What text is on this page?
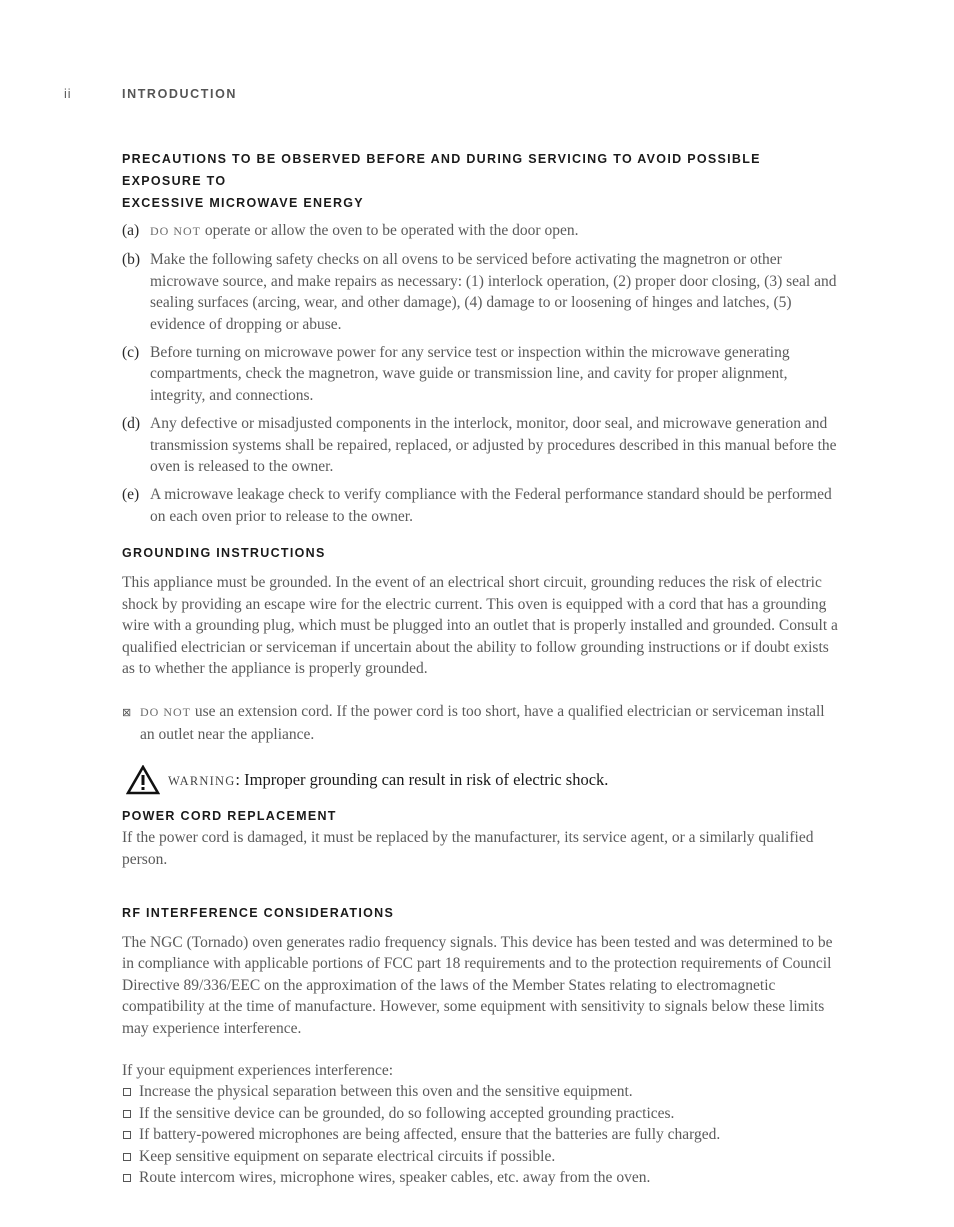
ii	INTRODUCTION
PRECAUTIONS TO BE OBSERVED BEFORE AND DURING SERVICING TO AVOID POSSIBLE EXPOSURE TO
EXCESSIVE MICROWAVE ENERGY
(a) DO NOT operate or allow the oven to be operated with the door open.
(b) Make the following safety checks on all ovens to be serviced before activating the magnetron or other microwave source, and make repairs as necessary: (1) interlock operation, (2) proper door closing, (3) seal and sealing surfaces (arcing, wear, and other damage), (4) damage to or loosening of hinges and latches, (5) evidence of dropping or abuse.
(c) Before turning on microwave power for any service test or inspection within the microwave generating compartments, check the magnetron, wave guide or transmission line, and cavity for proper alignment, integrity, and connections.
(d) Any defective or misadjusted components in the interlock, monitor, door seal, and microwave generation and transmission systems shall be repaired, replaced, or adjusted by procedures described in this manual before the oven is released to the owner.
(e) A microwave leakage check to verify compliance with the Federal performance standard should be performed on each oven prior to release to the owner.
GROUNDING INSTRUCTIONS

This appliance must be grounded. In the event of an electrical short circuit, grounding reduces the risk of electric shock by providing an escape wire for the electric current. This oven is equipped with a cord that has a grounding wire with a grounding plug, which must be plugged into an outlet that is properly installed and grounded. Consult a qualified electrician or serviceman if uncertain about the ability to follow grounding instructions or if doubt exists as to whether the appliance is properly grounded.

⊠ DO NOT use an extension cord. If the power cord is too short, have a qualified electrician or serviceman install an outlet near the appliance.
WARNING: Improper grounding can result in risk of electric shock.
POWER CORD REPLACEMENT

If the power cord is damaged, it must be replaced by the manufacturer, its service agent, or a similarly qualified person.

RF INTERFERENCE CONSIDERATIONS

The NGC (Tornado) oven generates radio frequency signals. This device has been tested and was determined to be in compliance with applicable portions of FCC part 18 requirements and to the protection requirements of Council Directive 89/336/EEC on the approximation of the laws of the Member States relating to electromagnetic compatibility at the time of manufacture. However, some equipment with sensitivity to signals below these limits may experience interference.

If your equipment experiences interference:

Increase the physical separation between this oven and the sensitive equipment.
If the sensitive device can be grounded, do so following accepted grounding practices.
If battery-powered microphones are being affected, ensure that the batteries are fully charged.
Keep sensitive equipment on separate electrical circuits if possible.
Route intercom wires, microphone wires, speaker cables, etc. away from the oven.
